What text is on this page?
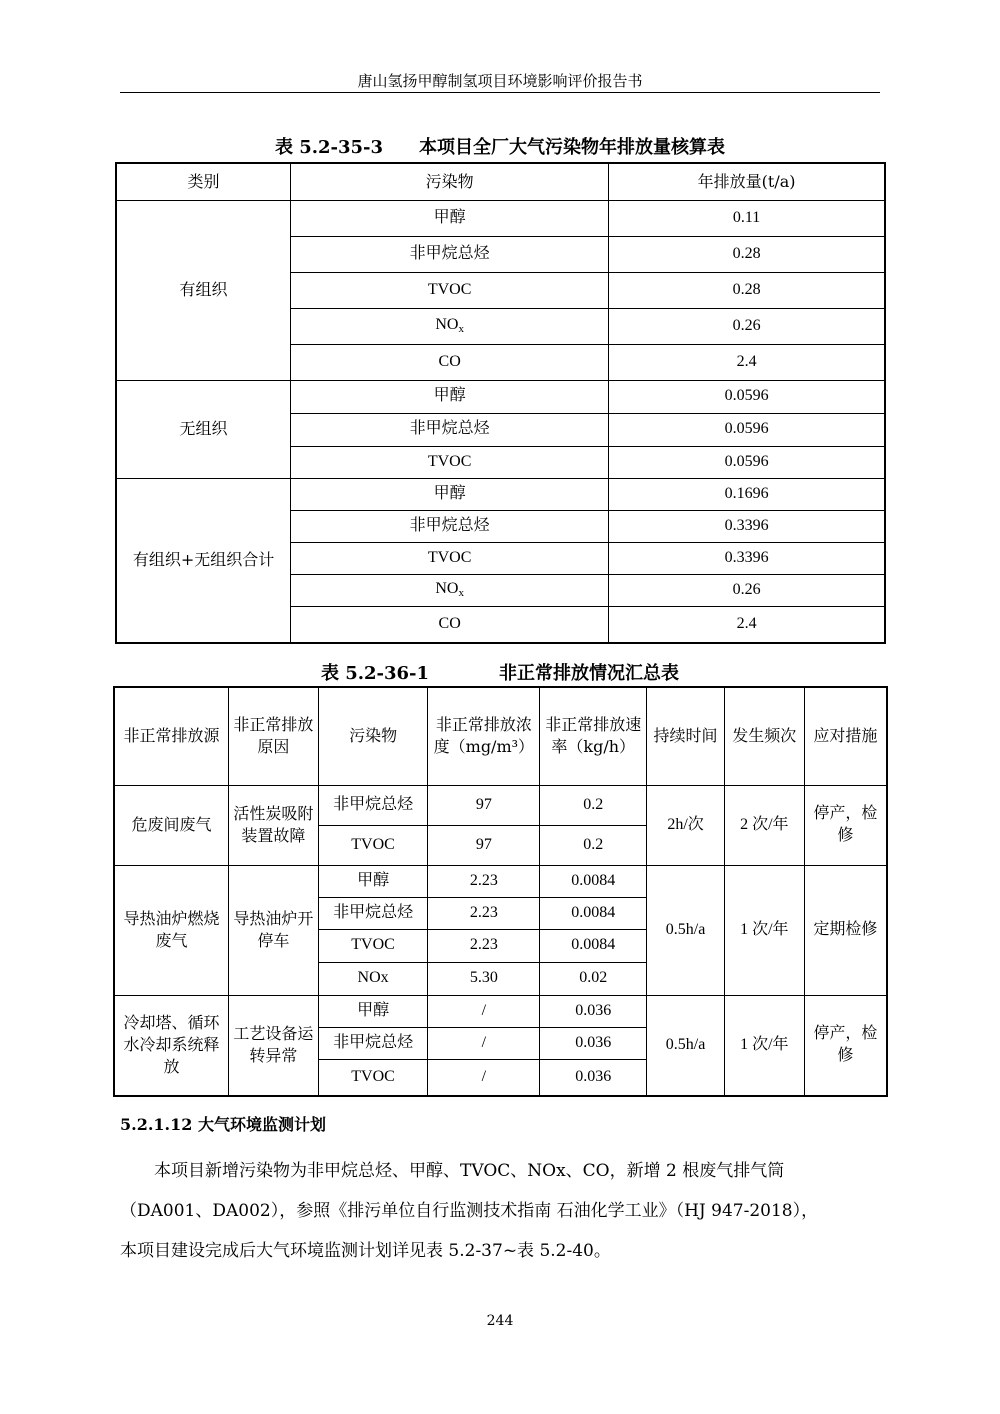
唐山氢扬甲醇制氢项目环境影响评价报告书
表 5.2-35-3 本项目全厂大气污染物年排放量核算表
类别	污染物	年排放量(t/a)
有组织	甲醇	0.11
	非甲烷总烃	0.28
	TVOC	0.28
	$NO_x$	0.26
	CO	2.4
无组织	甲醇	0.0596
	非甲烷总烃	0.0596
	TVOC	0.0596
有组织+无组织合计	甲醇	0.1696
	非甲烷总烃	0.3396
	TVOC	0.3396
	$NO_x$	0.26
	CO	2.4
表 5.2-36-1	非正常排放情况汇总表
非正常排放源	非正常排放原因	污染物	非正常排放浓度（mg/m³）	非正常排放速率（kg/h）	持续时间	发生频次	应对措施
危废间废气	活性炭吸附装置故障	非甲烷总烃	97	0.2	2h/次	2 次/年	停产，检修
		TVOC	97	0.2			
导热油炉燃烧废气	导热油炉开停车	甲醇	2.23	0.0084	0.5h/a	1 次/年	定期检修
		非甲烷总烃	2.23	0.0084			
		TVOC	2.23	0.0084			
		NOx	5.30	0.02			
冷却塔、循环水冷却系统释放	工艺设备运转异常	甲醇	/	0.036	0.5h/a	1 次/年	停产，检修
		非甲烷总烃	/	0.036			
		TVOC	/	0.036			
5.2.1.12 大气环境监测计划

本项目新增污染物为非甲烷总烃、甲醇、TVOC、NOx、CO，新增 2 根废气排气筒

（DA001、DA002），参照《排污单位自行监测技术指南 石油化学工业》（HJ 947-2018），

本项目建设完成后大气环境监测计划详见表 5.2-37~表 5.2-40。

244
